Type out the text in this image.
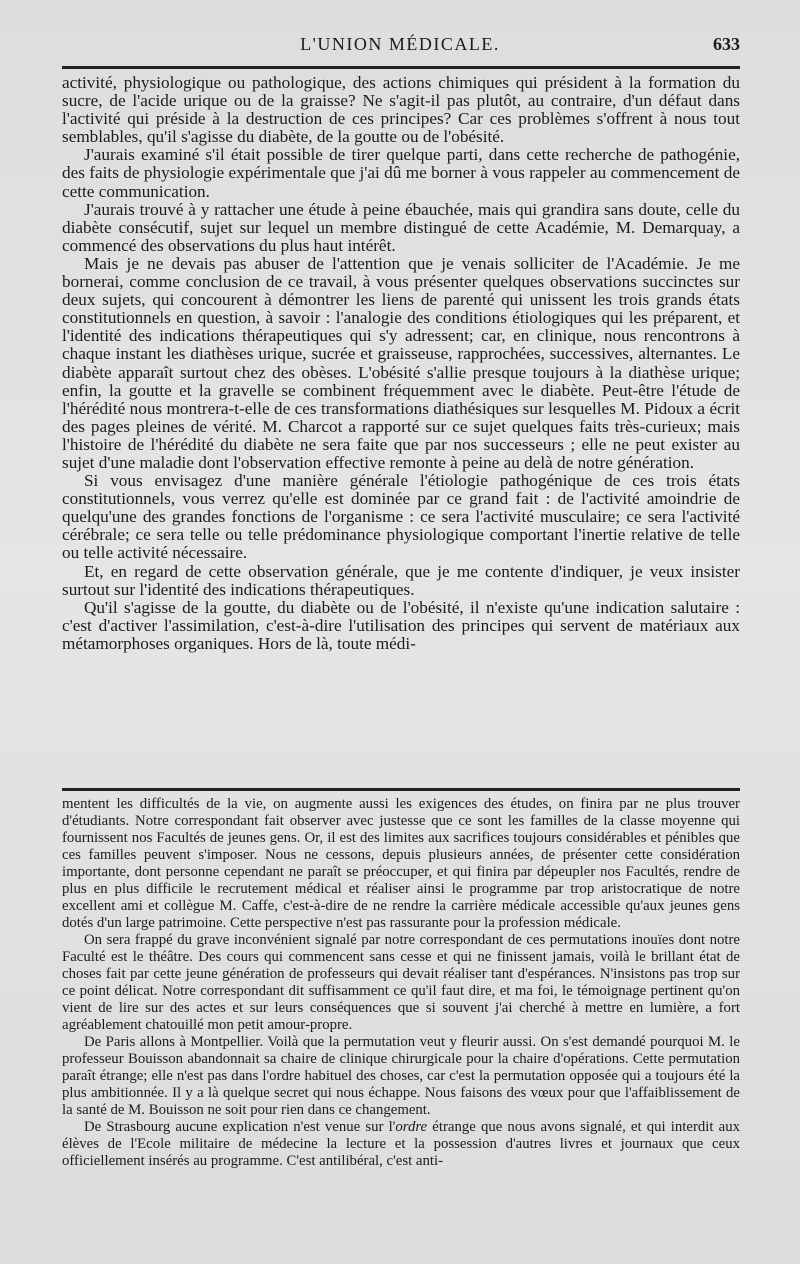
L'UNION MÉDICALE.	633

activité, physiologique ou pathologique, des actions chimiques qui président à la formation du sucre, de l'acide urique ou de la graisse? Ne s'agit-il pas plutôt, au contraire, d'un défaut dans l'activité qui préside à la destruction de ces principes? Car ces problèmes s'offrent à nous tout semblables, qu'il s'agisse du diabète, de la goutte ou de l'obésité.

J'aurais examiné s'il était possible de tirer quelque parti, dans cette recherche de pathogénie, des faits de physiologie expérimentale que j'ai dû me borner à vous rappeler au commencement de cette communication.

J'aurais trouvé à y rattacher une étude à peine ébauchée, mais qui grandira sans doute, celle du diabète consécutif, sujet sur lequel un membre distingué de cette Académie, M. Demarquay, a commencé des observations du plus haut intérêt.

Mais je ne devais pas abuser de l'attention que je venais solliciter de l'Académie. Je me bornerai, comme conclusion de ce travail, à vous présenter quelques observations succinctes sur deux sujets, qui concourent à démontrer les liens de parenté qui unissent les trois grands états constitutionnels en question, à savoir : l'analogie des conditions étiologiques qui les préparent, et l'identité des indications thérapeutiques qui s'y adressent; car, en clinique, nous rencontrons à chaque instant les diathèses urique, sucrée et graisseuse, rapprochées, successives, alternantes. Le diabète apparaît surtout chez des obèses. L'obésité s'allie presque toujours à la diathèse urique; enfin, la goutte et la gravelle se combinent fréquemment avec le diabète. Peut-être l'étude de l'hérédité nous montrera-t-elle de ces transformations diathésiques sur lesquelles M. Pidoux a écrit des pages pleines de vérité. M. Charcot a rapporté sur ce sujet quelques faits très-curieux; mais l'histoire de l'hérédité du diabète ne sera faite que par nos successeurs ; elle ne peut exister au sujet d'une maladie dont l'observation effective remonte à peine au delà de notre génération.

Si vous envisagez d'une manière générale l'étiologie pathogénique de ces trois états constitutionnels, vous verrez qu'elle est dominée par ce grand fait : de l'activité amoindrie de quelqu'une des grandes fonctions de l'organisme : ce sera l'activité musculaire; ce sera l'activité cérébrale; ce sera telle ou telle prédominance physiologique comportant l'inertie relative de telle ou telle activité nécessaire.

Et, en regard de cette observation générale, que je me contente d'indiquer, je veux insister surtout sur l'identité des indications thérapeutiques.

Qu'il s'agisse de la goutte, du diabète ou de l'obésité, il n'existe qu'une indication salutaire : c'est d'activer l'assimilation, c'est-à-dire l'utilisation des principes qui servent de matériaux aux métamorphoses organiques. Hors de là, toute médi-

mentent les difficultés de la vie, on augmente aussi les exigences des études, on finira par ne plus trouver d'étudiants. Notre correspondant fait observer avec justesse que ce sont les familles de la classe moyenne qui fournissent nos Facultés de jeunes gens. Or, il est des limites aux sacrifices toujours considérables et pénibles que ces familles peuvent s'imposer. Nous ne cessons, depuis plusieurs années, de présenter cette considération importante, dont personne cependant ne paraît se préoccuper, et qui finira par dépeupler nos Facultés, rendre de plus en plus difficile le recrutement médical et réaliser ainsi le programme par trop aristocratique de notre excellent ami et collègue M. Caffe, c'est-à-dire de ne rendre la carrière médicale accessible qu'aux jeunes gens dotés d'un large patrimoine. Cette perspective n'est pas rassurante pour la profession médicale.

On sera frappé du grave inconvénient signalé par notre correspondant de ces permutations inouïes dont notre Faculté est le théâtre. Des cours qui commencent sans cesse et qui ne finissent jamais, voilà le brillant état de choses fait par cette jeune génération de professeurs qui devait réaliser tant d'espérances. N'insistons pas trop sur ce point délicat. Notre correspondant dit suffisamment ce qu'il faut dire, et ma foi, le témoignage pertinent qu'on vient de lire sur des actes et sur leurs conséquences que si souvent j'ai cherché à mettre en lumière, a fort agréablement chatouillé mon petit amour-propre.

De Paris allons à Montpellier. Voilà que la permutation veut y fleurir aussi. On s'est demandé pourquoi M. le professeur Bouisson abandonnait sa chaire de clinique chirurgicale pour la chaire d'opérations. Cette permutation paraît étrange; elle n'est pas dans l'ordre habituel des choses, car c'est la permutation opposée qui a toujours été la plus ambitionnée. Il y a là quelque secret qui nous échappe. Nous faisons des vœux pour que l'affaiblissement de la santé de M. Bouisson ne soit pour rien dans ce changement.

De Strasbourg aucune explication n'est venue sur l'ordre étrange que nous avons signalé, et qui interdit aux élèves de l'Ecole militaire de médecine la lecture et la possession d'autres livres et journaux que ceux officiellement insérés au programme. C'est antilibéral, c'est anti-
